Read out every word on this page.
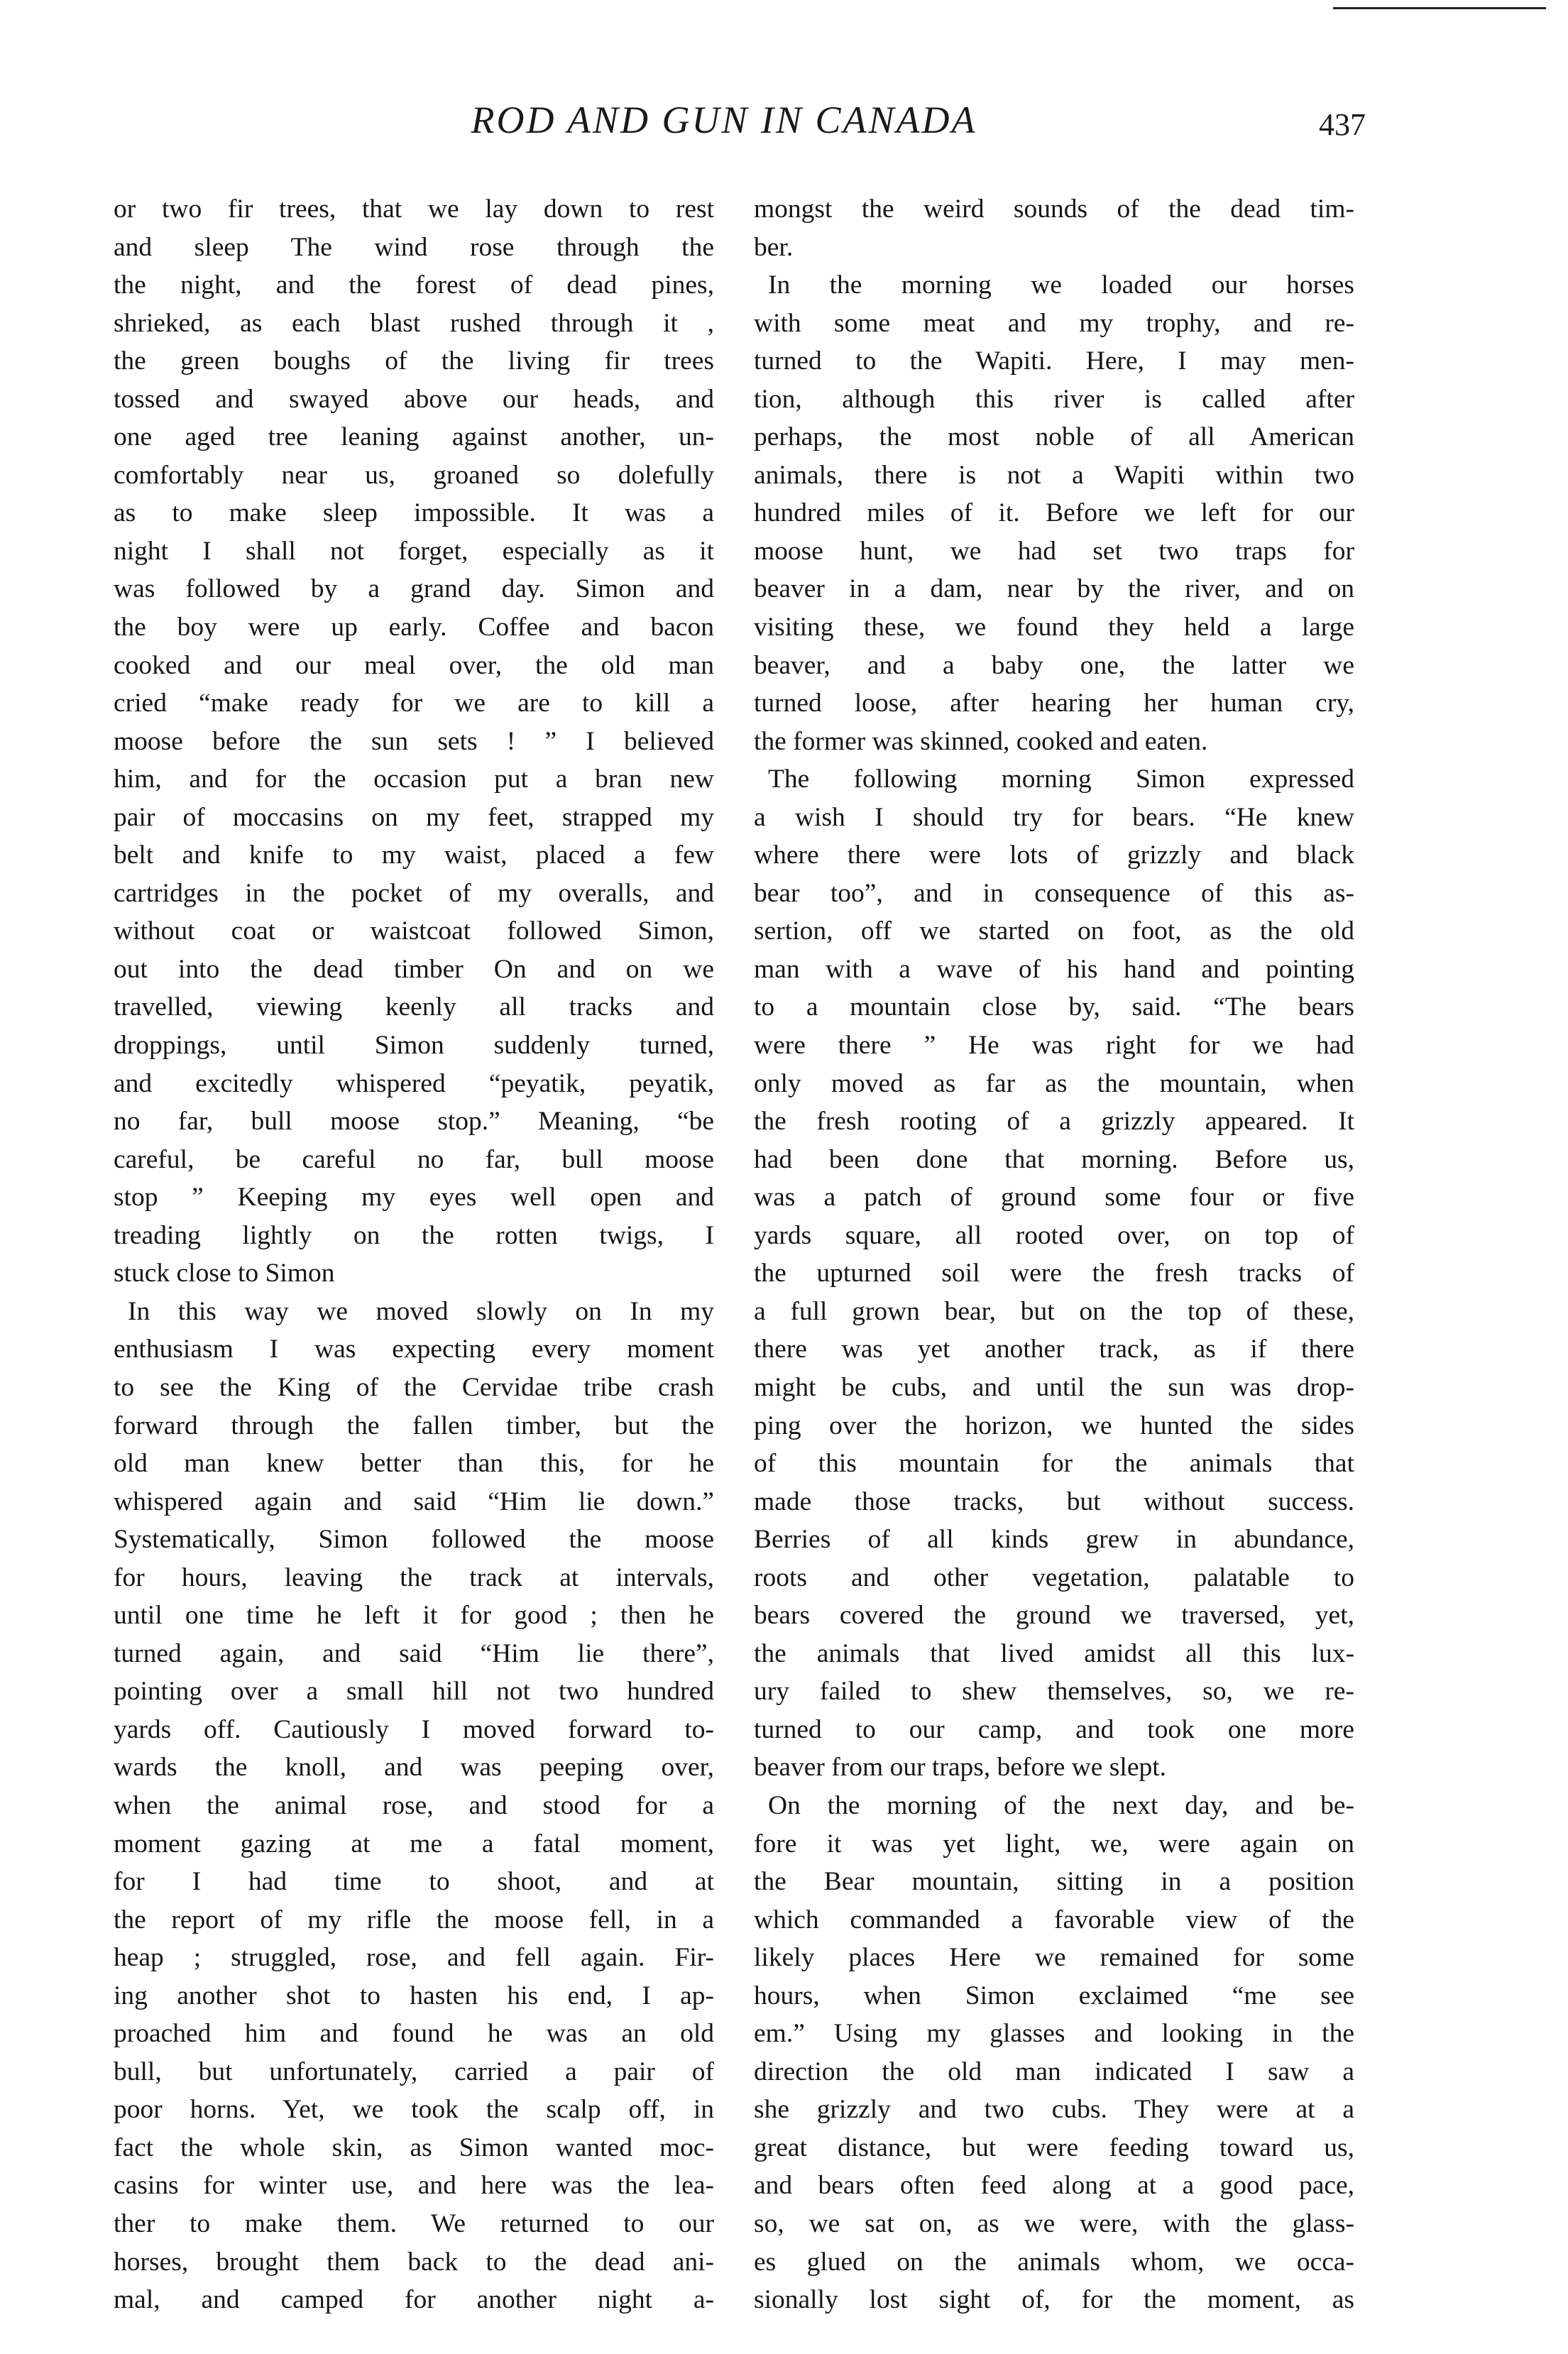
ROD AND GUN IN CANADA	437
or two fir trees, that we lay down to rest
and sleep The wind rose through the
the night, and the forest of dead pines,
shrieked, as each blast rushed through it ,
the green boughs of the living fir trees
tossed and swayed above our heads, and
one aged tree leaning against another, un-
comfortably near us, groaned so dolefully
as to make sleep impossible. It was a
night I shall not forget, especially as it
was followed by a grand day. Simon and
the boy were up early. Coffee and bacon
cooked and our meal over, the old man
cried “make ready for we are to kill a
moose before the sun sets ! ” I believed
him, and for the occasion put a bran new
pair of moccasins on my feet, strapped my
belt and knife to my waist, placed a few
cartridges in the pocket of my overalls, and
without coat or waistcoat followed Simon,
out into the dead timber On and on we
travelled, viewing keenly all tracks and
droppings, until Simon suddenly turned,
and excitedly whispered “peyatik, peyatik,
no far, bull moose stop.” Meaning, “be
careful, be careful no far, bull moose
stop ” Keeping my eyes well open and
treading lightly on the rotten twigs, I
stuck close to Simon
In this way we moved slowly on In my
enthusiasm I was expecting every moment
to see the King of the Cervidae tribe crash
forward through the fallen timber, but the
old man knew better than this, for he
whispered again and said “Him lie down.”
Systematically, Simon followed the moose
for hours, leaving the track at intervals,
until one time he left it for good ; then he
turned again, and said “Him lie there”,
pointing over a small hill not two hundred
yards off. Cautiously I moved forward to-
wards the knoll, and was peeping over,
when the animal rose, and stood for a
moment gazing at me a fatal moment,
for I had time to shoot, and at
the report of my rifle the moose fell, in a
heap ; struggled, rose, and fell again. Fir-
ing another shot to hasten his end, I ap-
proached him and found he was an old
bull, but unfortunately, carried a pair of
poor horns. Yet, we took the scalp off, in
fact the whole skin, as Simon wanted moc-
casins for winter use, and here was the lea-
ther to make them. We returned to our
horses, brought them back to the dead ani-
mal, and camped for another night a-
mongst the weird sounds of the dead tim-
ber.
In the morning we loaded our horses
with some meat and my trophy, and re-
turned to the Wapiti. Here, I may men-
tion, although this river is called after
perhaps, the most noble of all American
animals, there is not a Wapiti within two
hundred miles of it. Before we left for our
moose hunt, we had set two traps for
beaver in a dam, near by the river, and on
visiting these, we found they held a large
beaver, and a baby one, the latter we
turned loose, after hearing her human cry,
the former was skinned, cooked and eaten.
The following morning Simon expressed
a wish I should try for bears. “He knew
where there were lots of grizzly and black
bear too”, and in consequence of this as-
sertion, off we started on foot, as the old
man with a wave of his hand and pointing
to a mountain close by, said. “The bears
were there ” He was right for we had
only moved as far as the mountain, when
the fresh rooting of a grizzly appeared. It
had been done that morning. Before us,
was a patch of ground some four or five
yards square, all rooted over, on top of
the upturned soil were the fresh tracks of
a full grown bear, but on the top of these,
there was yet another track, as if there
might be cubs, and until the sun was drop-
ping over the horizon, we hunted the sides
of this mountain for the animals that
made those tracks, but without success.
Berries of all kinds grew in abundance,
roots and other vegetation, palatable to
bears covered the ground we traversed, yet,
the animals that lived amidst all this lux-
ury failed to shew themselves, so, we re-
turned to our camp, and took one more
beaver from our traps, before we slept.
On the morning of the next day, and be-
fore it was yet light, we, were again on
the Bear mountain, sitting in a position
which commanded a favorable view of the
likely places Here we remained for some
hours, when Simon exclaimed “me see
em.” Using my glasses and looking in the
direction the old man indicated I saw a
she grizzly and two cubs. They were at a
great distance, but were feeding toward us,
and bears often feed along at a good pace,
so, we sat on, as we were, with the glass-
es glued on the animals whom, we occa-
sionally lost sight of, for the moment, as
